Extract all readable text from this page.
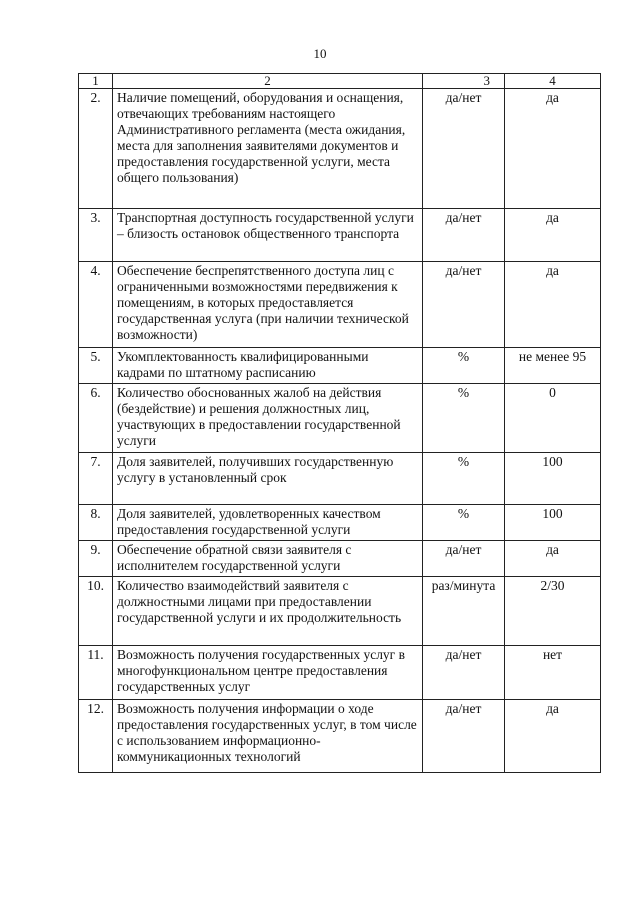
10
1	2	3	4
2.	Наличие помещений, оборудования и оснащения, отвечающих требованиям настоящего Административного регламента (места ожидания, места для заполнения заявителями документов и предоставления государственной услуги, места общего пользования)	да/нет	да
3.	Транспортная доступность государственной услуги – близость остановок общественного транспорта	да/нет	да
4.	Обеспечение беспрепятственного доступа лиц с ограниченными возможностями передвижения к помещениям, в которых предоставляется государственная услуга (при наличии технической возможности)	да/нет	да
5.	Укомплектованность квалифицированными кадрами по штатному расписанию	%	не менее 95
6.	Количество обоснованных жалоб на действия (бездействие) и решения должностных лиц, участвующих в предоставлении государственной услуги	%	0
7.	Доля заявителей, получивших государственную услугу в установленный срок	%	100
8.	Доля заявителей, удовлетворенных качеством предоставления государственной услуги	%	100
9.	Обеспечение обратной связи заявителя с исполнителем государственной услуги	да/нет	да
10.	Количество взаимодействий заявителя с должностными лицами при предоставлении государственной услуги и их продолжительность	раз/минута	2/30
11.	Возможность получения государственных услуг в многофункциональном центре предоставления государственных услуг	да/нет	нет
12.	Возможность получения информации о ходе предоставления государственных услуг, в том числе с использованием информационно-коммуникационных технологий	да/нет	да
